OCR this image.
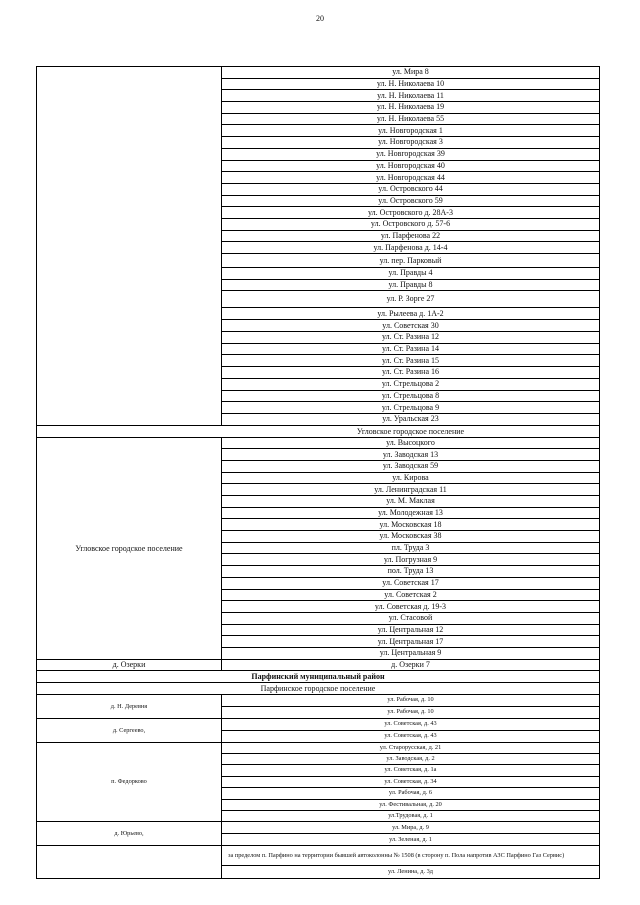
20
ул. Мира 8
ул. Н. Николаева 10
ул. Н. Николаева 11
ул. Н. Николаева 19
ул. Н. Николаева 55
ул. Новгородская 1
ул. Новгородская 3
ул. Новгородская 39
ул. Новгородская 40
ул. Новгородская 44
ул. Островского 44
ул. Островского 59
ул. Островского д. 28А-3
ул. Островского д. 57-6
ул. Парфенова 22
ул. Парфенова д. 14-4
ул. пер. Парковый
ул. Правды 4
ул. Правды 8
ул. Р. Зорге 27
ул. Рылеева д. 1А-2
ул. Советская 30
ул. Ст. Разина 12
ул. Ст. Разина 14
ул. Ст. Разина 15
ул. Ст. Разина 16
ул. Стрельцова 2
ул. Стрельцова 8
ул. Стрельцова 9
ул. Уральская 23
Угловское городское поселение
Угловское городское поселение
ул. Высоцкого
ул. Заводская 13
ул. Заводская 59
ул. Кирова
ул. Ленинградская 11
ул. М. Маклая
ул. Молодежная 13
ул. Московская 18
ул. Московская 38
пл. Труда 3
ул. Погрузная 9
пол. Труда 13
ул. Советская 17
ул. Советская 2
ул. Советская д. 19-3
ул. Стасовой
ул. Центральная 12
ул. Центральная 17
ул. Центральная 9
д. Озерки	д. Озерки 7
Парфинский муниципальный район
Парфинское городское поселение
д. Н. Деревня
ул. Рабочая, д. 10
ул. Рабочая, д. 10
д. Сергеево,
ул. Советская, д. 43
ул. Советская, д. 43
п. Федорково
ул. Старорусская, д. 21
ул. Заводская, д. 2
ул. Советская, д. 1а
ул. Советская, д. 34
ул. Рабочая, д. 6
ул. Фестивальная, д. 20
ул.Трудовая, д. 1
д. Юрьево,
ул. Мира, д. 9
ул. Зеленая, д. 1
за пределом п. Парфино на территории бывшей автоколонны № 1508 (в сторону п. Пола напротив АЗС Парфино Газ Сервис)
ул. Ленина, д. 3д
